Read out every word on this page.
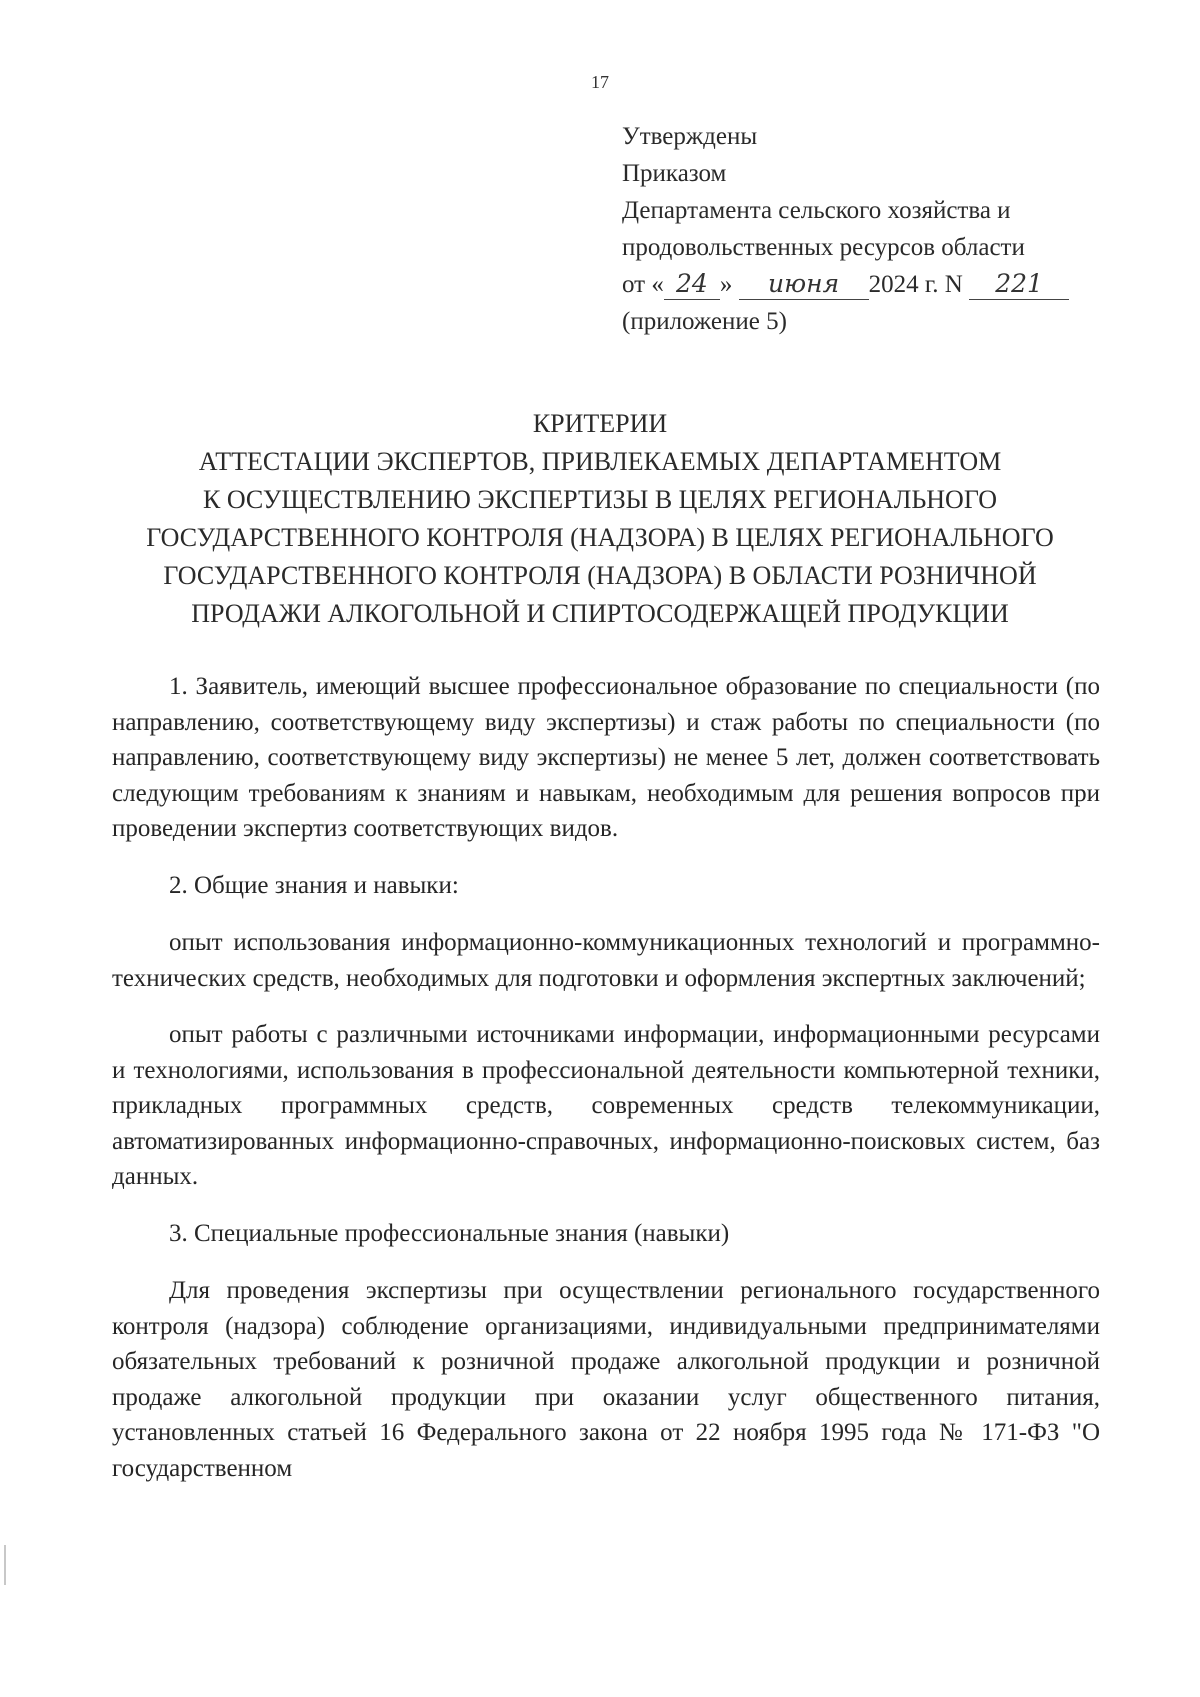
17
Утверждены
Приказом
Департамента сельского хозяйства и
продовольственных ресурсов области
от « 24 » июня 2024 г. N 221
(приложение 5)
КРИТЕРИИ
АТТЕСТАЦИИ ЭКСПЕРТОВ, ПРИВЛЕКАЕМЫХ ДЕПАРТАМЕНТОМ
К ОСУЩЕСТВЛЕНИЮ ЭКСПЕРТИЗЫ В ЦЕЛЯХ РЕГИОНАЛЬНОГО
ГОСУДАРСТВЕННОГО КОНТРОЛЯ (НАДЗОРА) В ЦЕЛЯХ РЕГИОНАЛЬНОГО
ГОСУДАРСТВЕННОГО КОНТРОЛЯ (НАДЗОРА) В ОБЛАСТИ РОЗНИЧНОЙ
ПРОДАЖИ АЛКОГОЛЬНОЙ И СПИРТОСОДЕРЖАЩЕЙ ПРОДУКЦИИ

1. Заявитель, имеющий высшее профессиональное образование по специальности (по направлению, соответствующему виду экспертизы) и стаж работы по специальности (по направлению, соответствующему виду экспертизы) не менее 5 лет, должен соответствовать следующим требованиям к знаниям и навыкам, необходимым для решения вопросов при проведении экспертиз соответствующих видов.

2. Общие знания и навыки:

опыт использования информационно-коммуникационных технологий и программно-технических средств, необходимых для подготовки и оформления экспертных заключений;

опыт работы с различными источниками информации, информационными ресурсами и технологиями, использования в профессиональной деятельности компьютерной техники, прикладных программных средств, современных средств телекоммуникации, автоматизированных информационно-справочных, информационно-поисковых систем, баз данных.

3. Специальные профессиональные знания (навыки)

Для проведения экспертизы при осуществлении регионального государственного контроля (надзора) соблюдение организациями, индивидуальными предпринимателями обязательных требований к розничной продаже алкогольной продукции и розничной продаже алкогольной продукции при оказании услуг общественного питания, установленных статьей 16 Федерального закона от 22 ноября 1995 года № 171-ФЗ "О государственном
